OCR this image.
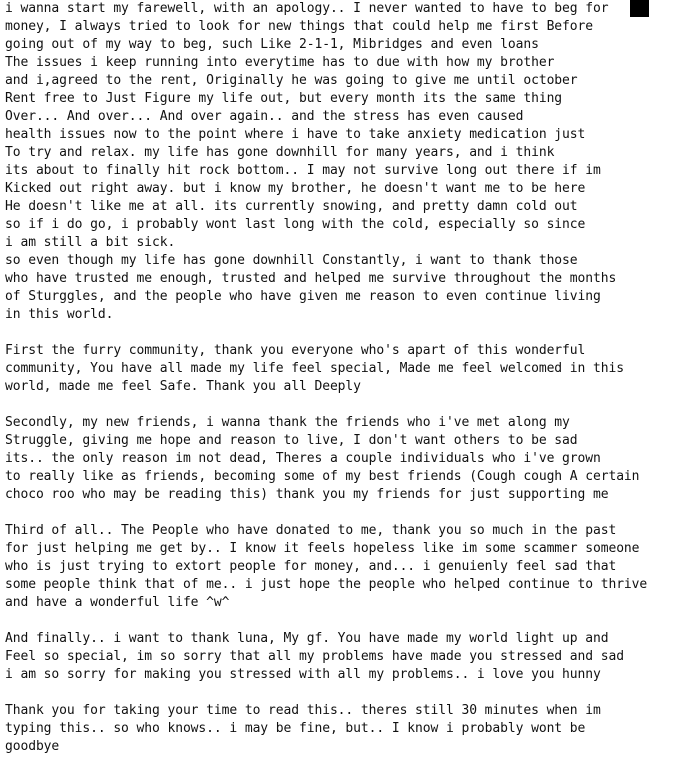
i wanna start my farewell, with an apology.. I never wanted to have to beg for
money, I always tried to look for new things that could help me first Before
going out of my way to beg, such Like 2-1-1, Mibridges and even loans
The issues i keep running into everytime has to due with how my brother
and i,agreed to the rent, Originally he was going to give me until october
Rent free to Just Figure my life out, but every month its the same thing
Over... And over... And over again.. and the stress has even caused
health issues now to the point where i have to take anxiety medication just
To try and relax. my life has gone downhill for many years, and i think
its about to finally hit rock bottom.. I may not survive long out there if im
Kicked out right away. but i know my brother, he doesn't want me to be here
He doesn't like me at all. its currently snowing, and pretty damn cold out
so if i do go, i probably wont last long with the cold, especially so since
i am still a bit sick.
so even though my life has gone downhill Constantly, i want to thank those
who have trusted me enough, trusted and helped me survive throughout the months
of Sturggles, and the people who have given me reason to even continue living
in this world.
First the furry community, thank you everyone who's apart of this wonderful
community, You have all made my life feel special, Made me feel welcomed in this
world, made me feel Safe. Thank you all Deeply
Secondly, my new friends, i wanna thank the friends who i've met along my
Struggle, giving me hope and reason to live, I don't want others to be sad
its.. the only reason im not dead, Theres a couple individuals who i've grown
to really like as friends, becoming some of my best friends (Cough cough A certain
choco roo who may be reading this) thank you my friends for just supporting me
Third of all.. The People who have donated to me, thank you so much in the past
for just helping me get by.. I know it feels hopeless like im some scammer someone
who is just trying to extort people for money, and... i genuienly feel sad that
some people think that of me.. i just hope the people who helped continue to thrive
and have a wonderful life ^w^
And finally.. i want to thank luna, My gf. You have made my world light up and
Feel so special, im so sorry that all my problems have made you stressed and sad
i am so sorry for making you stressed with all my problems.. i love you hunny
Thank you for taking your time to read this.. theres still 30 minutes when im
typing this.. so who knows.. i may be fine, but.. I know i probably wont be
goodbye
